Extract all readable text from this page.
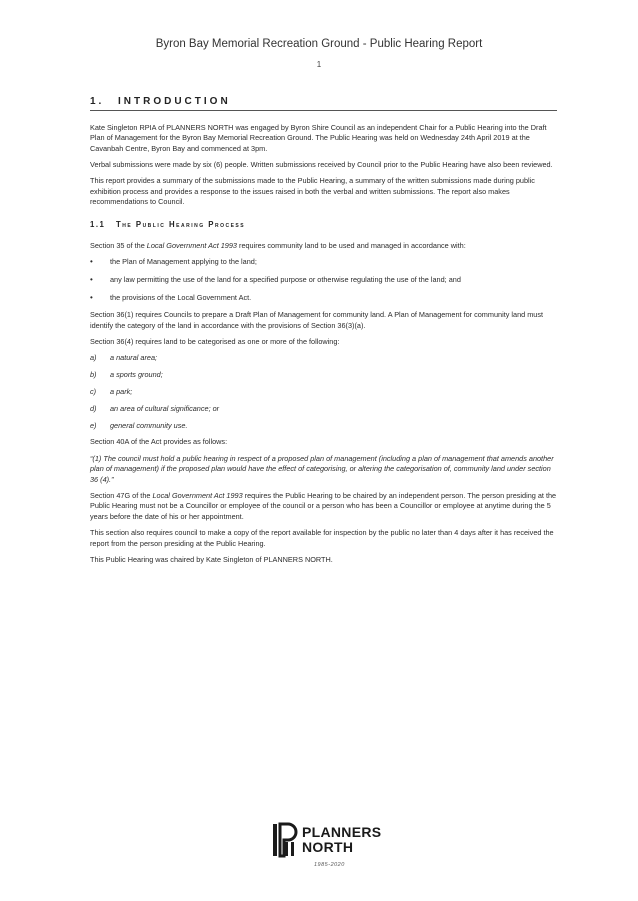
Byron Bay Memorial Recreation Ground - Public Hearing Report
1
1.	INTRODUCTION

Kate Singleton RPIA of PLANNERS NORTH was engaged by Byron Shire Council as an independent Chair for a Public Hearing into the Draft Plan of Management for the Byron Bay Memorial Recreation Ground. The Public Hearing was held on Wednesday 24th April 2019 at the Cavanbah Centre, Byron Bay and commenced at 3pm.

Verbal submissions were made by six (6) people. Written submissions received by Council prior to the Public Hearing have also been reviewed.

This report provides a summary of the submissions made to the Public Hearing, a summary of the written submissions made during public exhibition process and provides a response to the issues raised in both the verbal and written submissions. The report also makes recommendations to Council.

1.1	The Public Hearing Process

Section 35 of the Local Government Act 1993 requires community land to be used and managed in accordance with:

•	the Plan of Management applying to the land;
•	any law permitting the use of the land for a specified purpose or otherwise regulating the use of the land; and
•	the provisions of the Local Government Act.

Section 36(1) requires Councils to prepare a Draft Plan of Management for community land. A Plan of Management for community land must identify the category of the land in accordance with the provisions of Section 36(3)(a).

Section 36(4) requires land to be categorised as one or more of the following:

a)	a natural area;
b)	a sports ground;
c)	a park;
d)	an area of cultural significance; or
e)	general community use.

Section 40A of the Act provides as follows:

“(1) The council must hold a public hearing in respect of a proposed plan of management (including a plan of management that amends another plan of management) if the proposed plan would have the effect of categorising, or altering the categorisation of, community land under section 36 (4).”

Section 47G of the Local Government Act 1993 requires the Public Hearing to be chaired by an independent person. The person presiding at the Public Hearing must not be a Councillor or employee of the council or a person who has been a Councillor or employee at anytime during the 5 years before the date of his or her appointment.

This section also requires council to make a copy of the report available for inspection by the public no later than 4 days after it has received the report from the person presiding at the Public Hearing.

This Public Hearing was chaired by Kate Singleton of PLANNERS NORTH.

PLANNERS
NORTH
1985-2020
